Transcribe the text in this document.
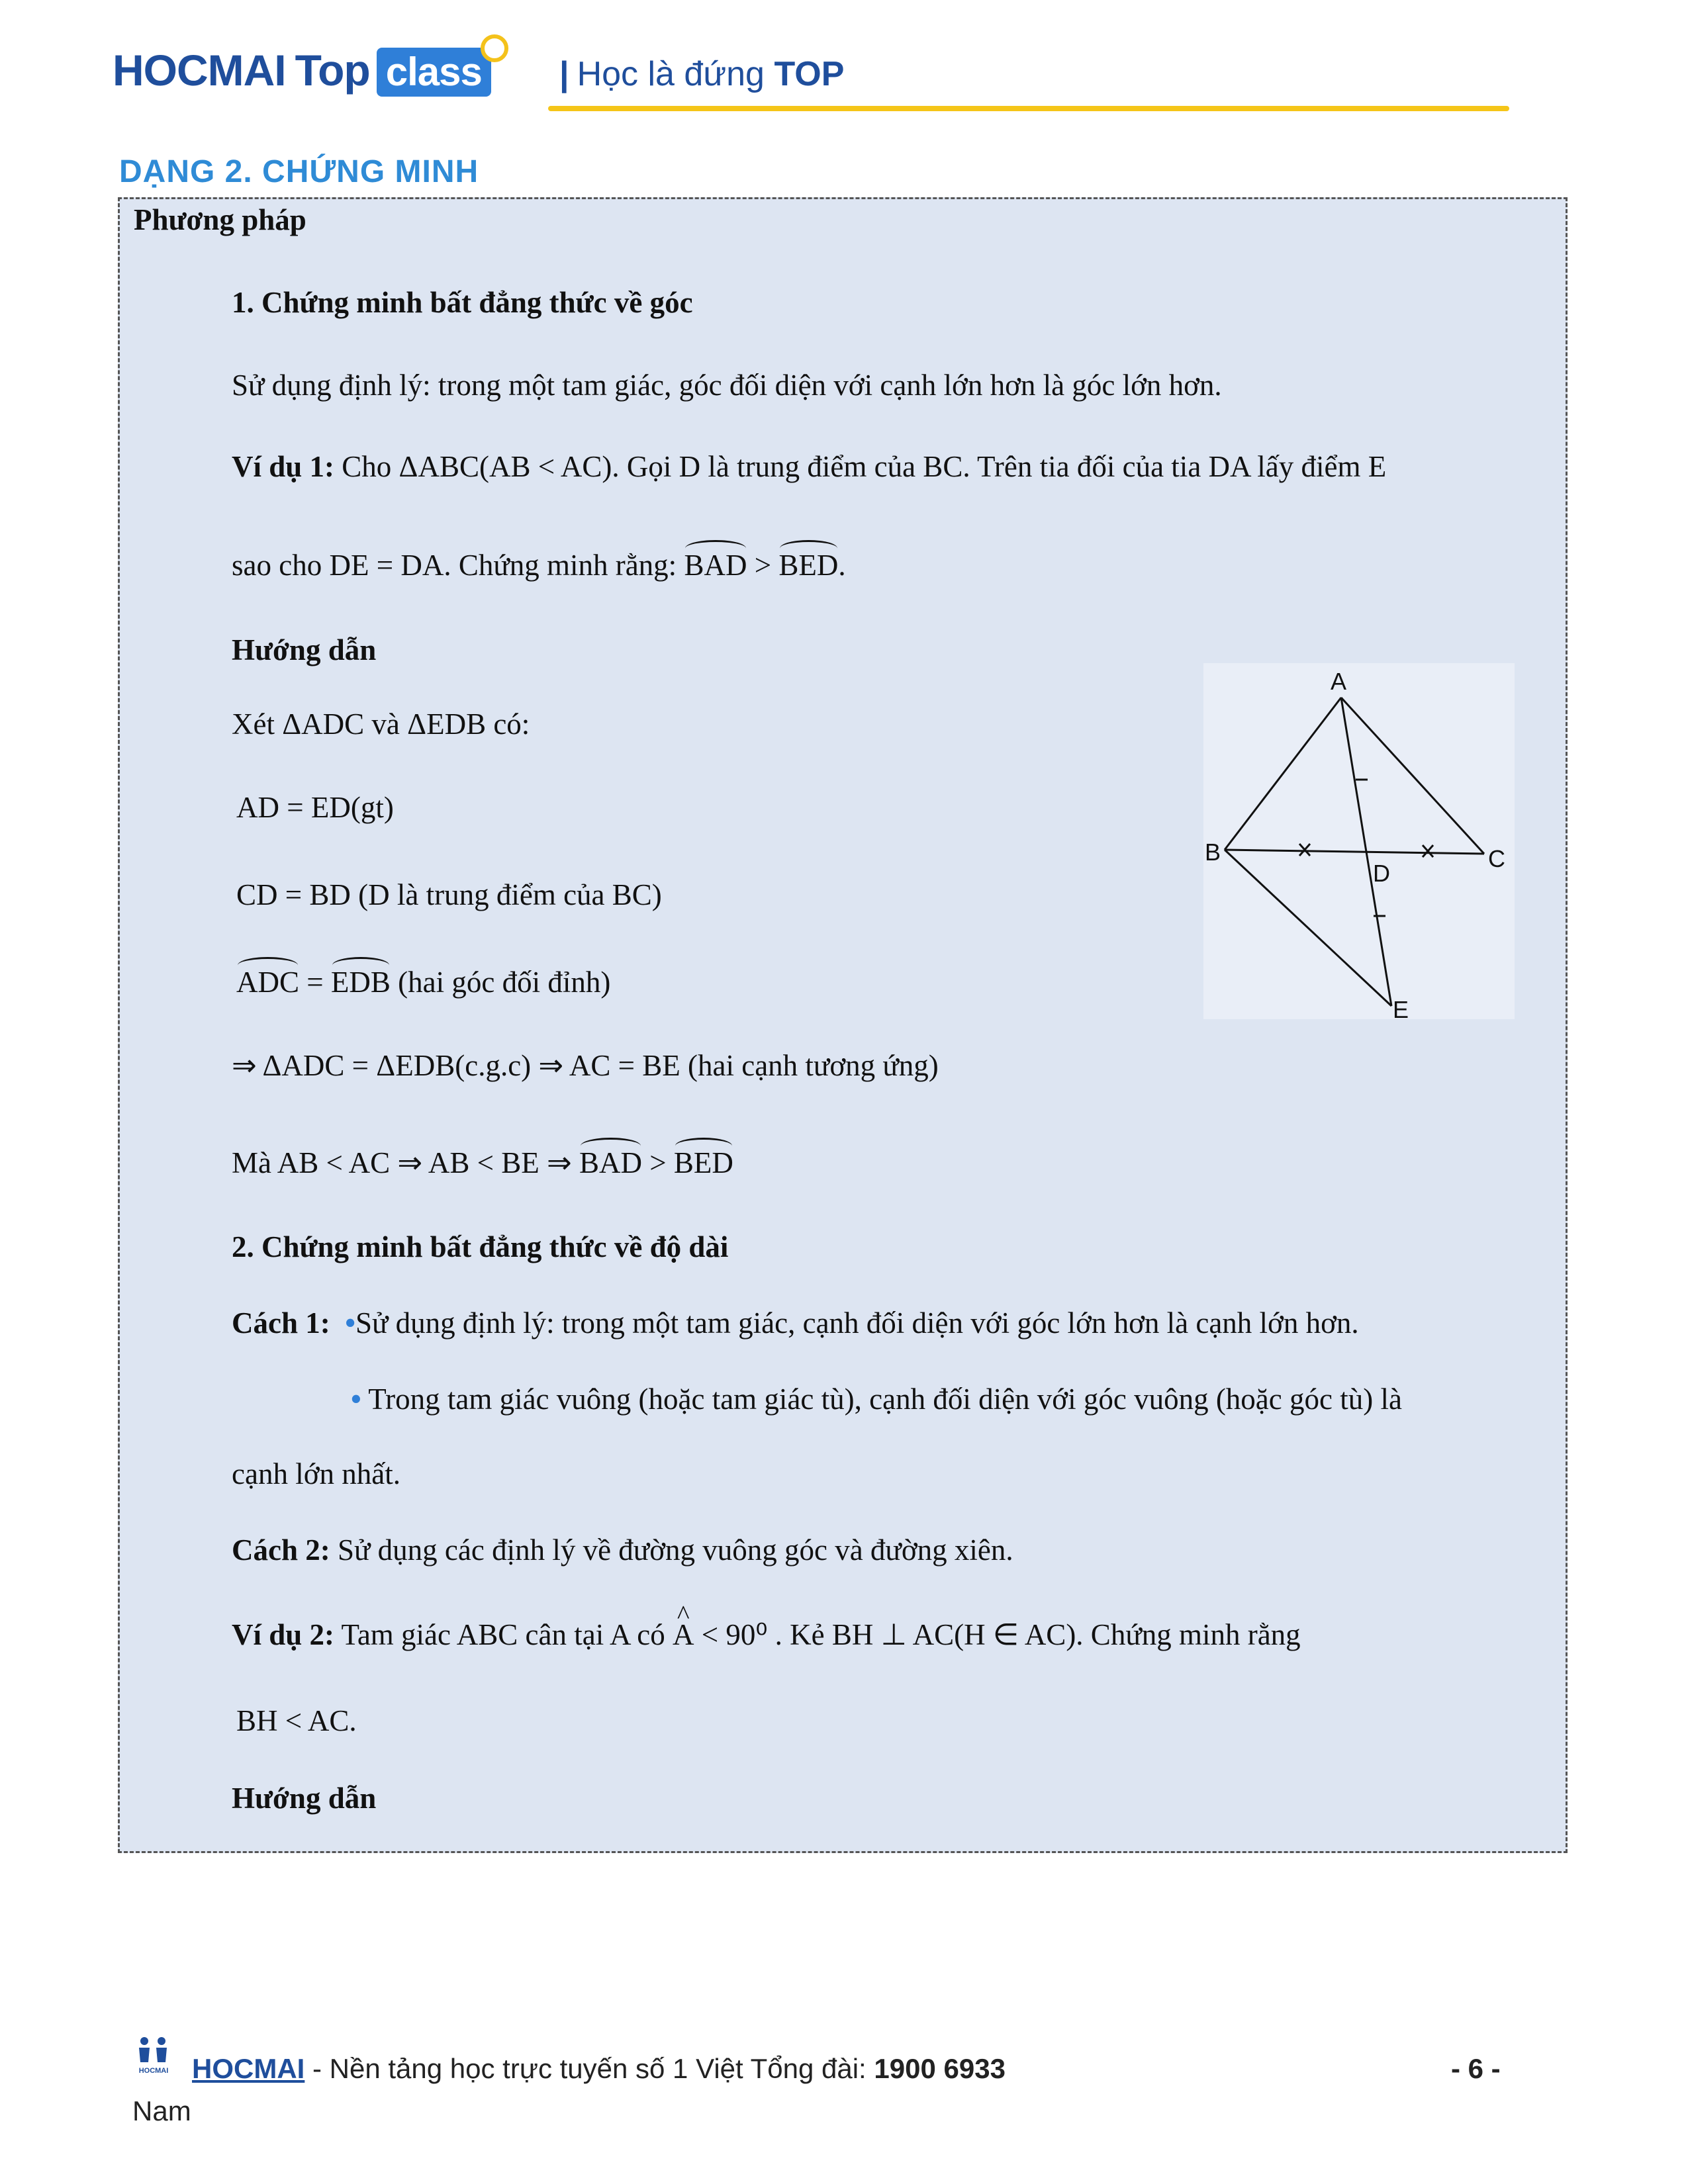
HOCMAI Top class | Học là đứng TOP
DẠNG 2. CHỨNG MINH
Phương pháp
1. Chứng minh bất đẳng thức về góc
Sử dụng định lý: trong một tam giác, góc đối diện với cạnh lớn hơn là góc lớn hơn.
Ví dụ 1: Cho ΔABC(AB < AC). Gọi D là trung điểm của BC. Trên tia đối của tia DA lấy điểm E
sao cho DE = DA. Chứng minh rằng: BAD > BED.
Hướng dẫn
Xét ΔADC và ΔEDB có:
AD = ED(gt)
CD = BD (D là trung điểm của BC)
ADC = EDB (hai góc đối đỉnh)
⇒ ΔADC = ΔEDB(c.g.c) ⇒ AC = BE (hai cạnh tương ứng)
Mà AB < AC ⇒ AB < BE ⇒ BAD > BED
2. Chứng minh bất đẳng thức về độ dài
Cách 1: •Sử dụng định lý: trong một tam giác, cạnh đối diện với góc lớn hơn là cạnh lớn hơn.
• Trong tam giác vuông (hoặc tam giác tù), cạnh đối diện với góc vuông (hoặc góc tù) là
cạnh lớn nhất.
Cách 2: Sử dụng các định lý về đường vuông góc và đường xiên.
Ví dụ 2: Tam giác ABC cân tại A có ^ A < 90⁰ . Kẻ BH ⊥ AC(H ∈ AC). Chứng minh rằng
BH < AC.
Hướng dẫn
A
B	C
D
E
HOCMAI HOCMAI - Nền tảng học trực tuyến số 1 Việt Tổng đài: 1900 6933	- 6 -
Nam
